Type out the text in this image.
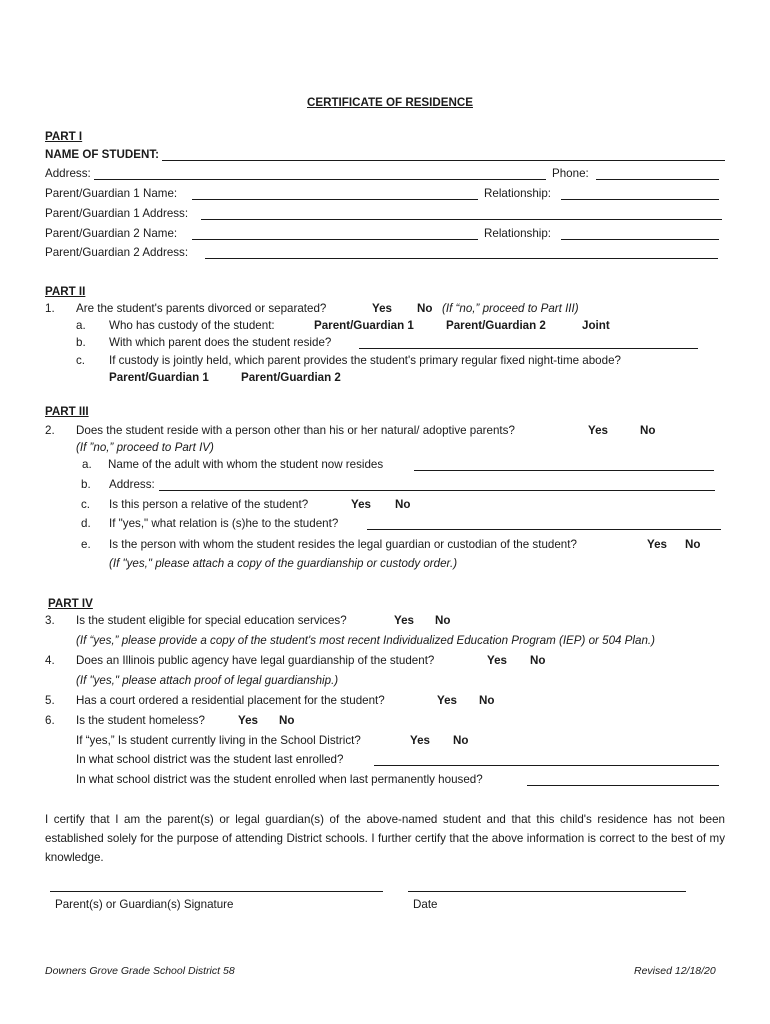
CERTIFICATE OF RESIDENCE
PART I
NAME OF STUDENT:
Address:	Phone:
Parent/Guardian 1 Name:	Relationship:
Parent/Guardian 1 Address:
Parent/Guardian 2 Name:	Relationship:
Parent/Guardian 2 Address:
PART II
1. Are the student's parents divorced or separated?	Yes No (If “no,” proceed to Part III)
a. Who has custody of the student:	Parent/Guardian 1	Parent/Guardian 2	Joint
b. With which parent does the student reside?
c. If custody is jointly held, which parent provides the student's primary regular fixed night-time abode?
Parent/Guardian 1	Parent/Guardian 2
PART III
2. Does the student reside with a person other than his or her natural/ adoptive parents?	Yes	No
(If ”no,” proceed to Part IV)
a. Name of the adult with whom the student now resides
b. Address:
c. Is this person a relative of the student?	Yes No
d. If "yes," what relation is (s)he to the student?
e. Is the person with whom the student resides the legal guardian or custodian of the student?	Yes No
(If "yes," please attach a copy of the guardianship or custody order.)
PART IV
3. Is the student eligible for special education services?	Yes No
(If “yes,” please provide a copy of the student's most recent Individualized Education Program (IEP) or 504 Plan.)
4. Does an Illinois public agency have legal guardianship of the student?	Yes No
(If "yes," please attach proof of legal guardianship.)
5. Has a court ordered a residential placement for the student?	Yes No
6. Is the student homeless?	Yes No
If “yes,” Is student currently living in the School District?	Yes No
In what school district was the student last enrolled?
In what school district was the student enrolled when last permanently housed?
I certify that I am the parent(s) or legal guardian(s) of the above-named student and that this child's residence has not been established solely for the purpose of attending District schools. I further certify that the above information is correct to the best of my knowledge.
Parent(s) or Guardian(s) Signature	Date
Downers Grove Grade School District 58	Revised 12/18/20
